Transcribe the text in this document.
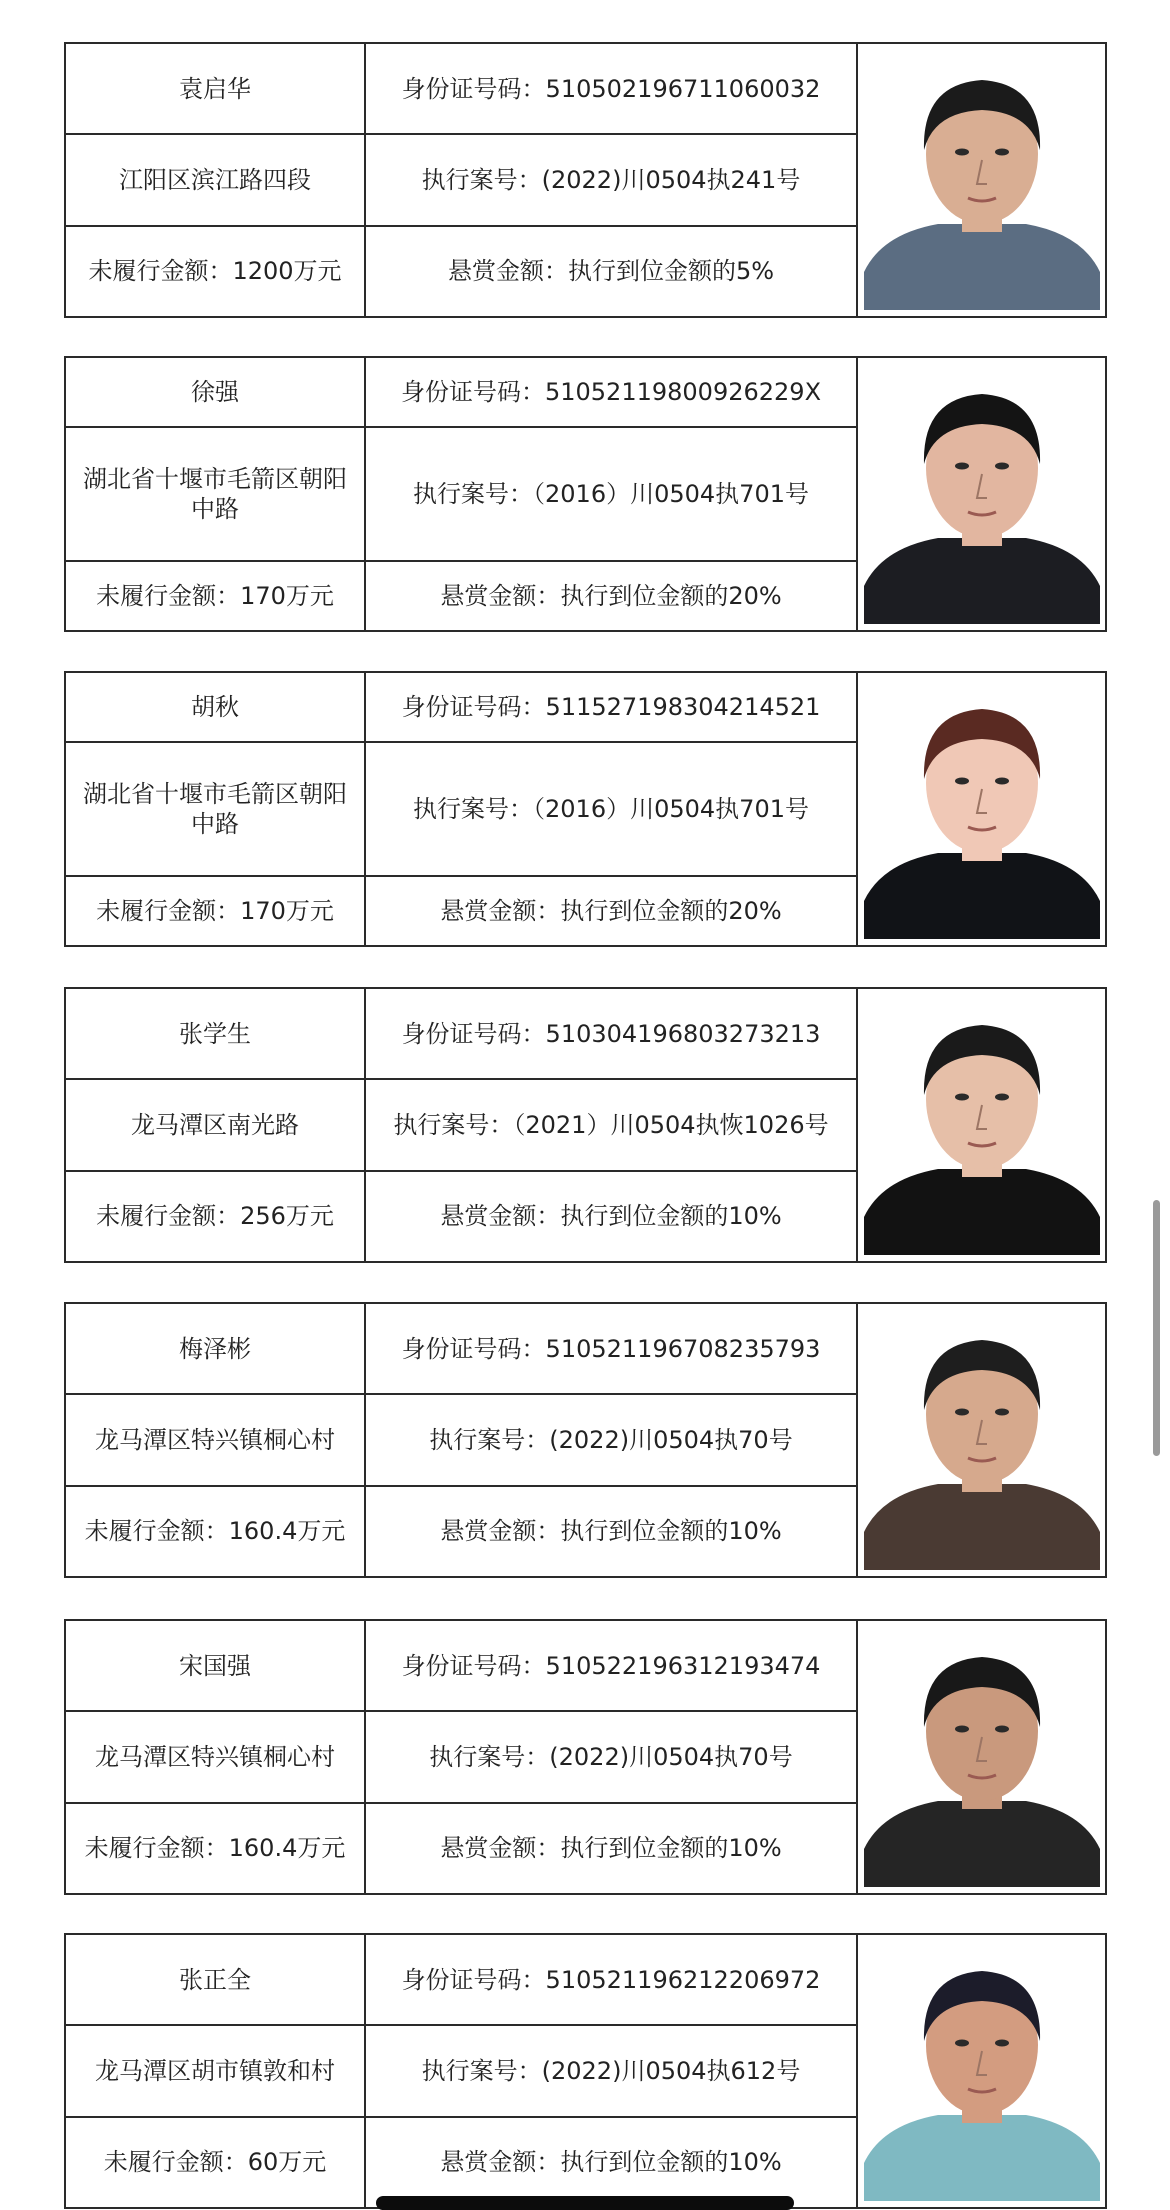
袁启华	身份证号码：510502196711060032	

江阳区滨江路四段	执行案号：(2022)川0504执241号	
未履行金额：1200万元	悬赏金额：执行到位金额的5%	
徐强	身份证号码：51052119800926229X	

湖北省十堰市毛箭区朝阳中路	执行案号：（2016）川0504执701号	
未履行金额：170万元	悬赏金额：执行到位金额的20%	
胡秋	身份证号码：511527198304214521	

湖北省十堰市毛箭区朝阳中路	执行案号：（2016）川0504执701号	
未履行金额：170万元	悬赏金额：执行到位金额的20%	
张学生	身份证号码：510304196803273213	

龙马潭区南光路	执行案号：（2021）川0504执恢1026号	
未履行金额：256万元	悬赏金额：执行到位金额的10%	
梅泽彬	身份证号码：510521196708235793	

龙马潭区特兴镇桐心村	执行案号：(2022)川0504执70号	
未履行金额：160.4万元	悬赏金额：执行到位金额的10%	
宋国强	身份证号码：510522196312193474	

龙马潭区特兴镇桐心村	执行案号：(2022)川0504执70号	
未履行金额：160.4万元	悬赏金额：执行到位金额的10%	
张正全	身份证号码：510521196212206972	

龙马潭区胡市镇敦和村	执行案号：(2022)川0504执612号	
未履行金额：60万元	悬赏金额：执行到位金额的10%	
